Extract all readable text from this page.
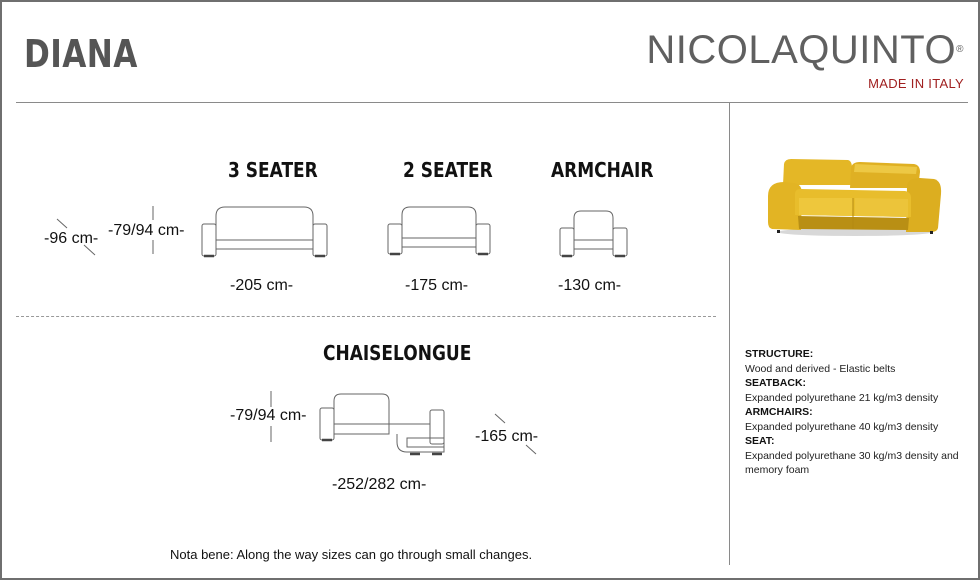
DIANA	NICOLAQUINTO®
MADE IN ITALY
3 SEATER	2 SEATER	ARMCHAIR
CHAISELONGUE
-96 cm- -79/94 cm-
-205 cm-	-175 cm-	-130 cm-
-79/94 cm-
-165 cm-
-252/282 cm-
STRUCTURE:
Wood and derived - Elastic belts
SEATBACK:
Expanded polyurethane 21 kg/m3 density
ARMCHAIRS:
Expanded polyurethane 40 kg/m3 density
SEAT:
Expanded polyurethane 30 kg/m3 density and memory foam
Nota bene: Along the way sizes can go through small changes.
